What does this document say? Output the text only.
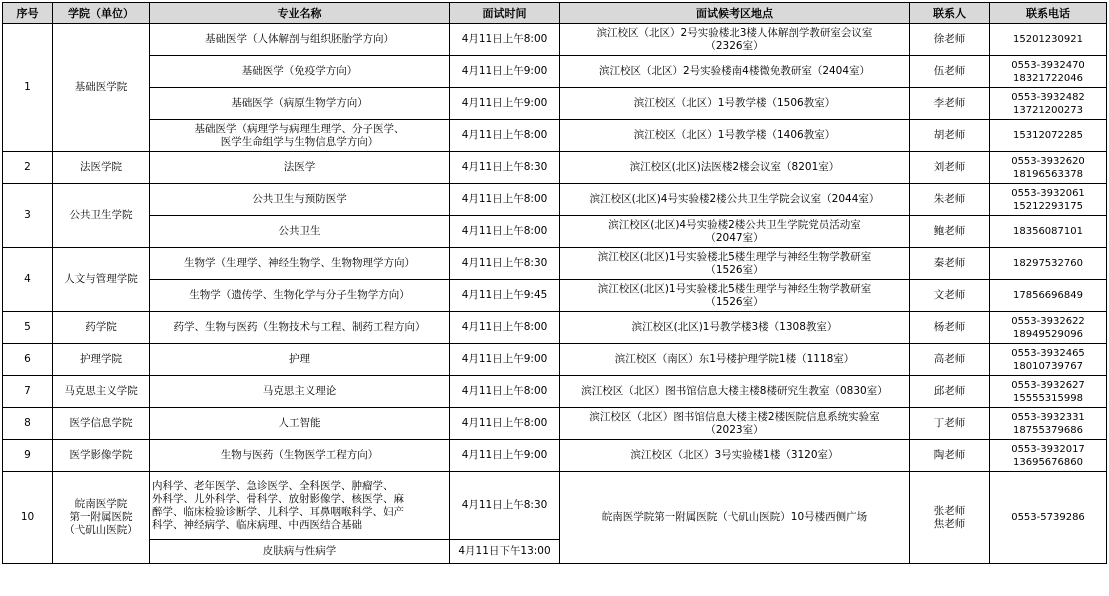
序号	学院（单位）	专业名称	面试时间	面试候考区地点	联系人	联系电话
1	基础医学院	基础医学（人体解剖与组织胚胎学方向）	4月11日上午8:00	滨江校区（北区）2号实验楼北3楼人体解剖学教研室会议室
（2326室）	徐老师	15201230921
		基础医学（免疫学方向）	4月11日上午9:00	滨江校区（北区）2号实验楼南4楼微免教研室（2404室）	伍老师	0553-3932470
18321722046
		基础医学（病原生物学方向）	4月11日上午9:00	滨江校区（北区）1号教学楼（1506教室）	李老师	0553-3932482
13721200273
		基础医学（病理学与病理生理学、分子医学、
医学生命组学与生物信息学方向）	4月11日上午8:00	滨江校区（北区）1号教学楼（1406教室）	胡老师	15312072285
2	法医学院	法医学	4月11日上午8:30	滨江校区(北区)法医楼2楼会议室（8201室）	刘老师	0553-3932620
18196563378
3	公共卫生学院	公共卫生与预防医学	4月11日上午8:00	滨江校区(北区)4号实验楼2楼公共卫生学院会议室（2044室）	朱老师	0553-3932061
15212293175
		公共卫生	4月11日上午8:00	滨江校区(北区)4号实验楼2楼公共卫生学院党员活动室
（2047室）	鲍老师	18356087101
4	人文与管理学院	生物学（生理学、神经生物学、生物物理学方向）	4月11日上午8:30	滨江校区(北区)1号实验楼北5楼生理学与神经生物学教研室
（1526室）	秦老师	18297532760
		生物学（遗传学、生物化学与分子生物学方向）	4月11日上午9:45	滨江校区(北区)1号实验楼北5楼生理学与神经生物学教研室
（1526室）	文老师	17856696849
5	药学院	药学、生物与医药（生物技术与工程、制药工程方向）	4月11日上午8:00	滨江校区(北区)1号教学楼3楼（1308教室）	杨老师	0553-3932622
18949529096
6	护理学院	护理	4月11日上午9:00	滨江校区（南区）东1号楼护理学院1楼（1118室）	高老师	0553-3932465
18010739767
7	马克思主义学院	马克思主义理论	4月11日上午8:00	滨江校区（北区）图书馆信息大楼主楼8楼研究生教室（0830室）	邱老师	0553-3932627
15555315998
8	医学信息学院	人工智能	4月11日上午8:00	滨江校区（北区）图书馆信息大楼主楼2楼医院信息系统实验室
（2023室）	丁老师	0553-3932331
18755379686
9	医学影像学院	生物与医药（生物医学工程方向）	4月11日上午9:00	滨江校区（北区）3号实验楼1楼（3120室）	陶老师	0553-3932017
13695676860
10	皖南医学院
第一附属医院
（弋矶山医院）	内科学、老年医学、急诊医学、全科医学、肿瘤学、
外科学、儿外科学、骨科学、放射影像学、核医学、麻
醉学、临床检验诊断学、儿科学、耳鼻咽喉科学、妇产
科学、神经病学、临床病理、中西医结合基础	4月11日上午8:30	皖南医学院第一附属医院（弋矶山医院）10号楼西侧广场	张老师
焦老师	0553-5739286
		皮肤病与性病学	4月11日下午13:00			
